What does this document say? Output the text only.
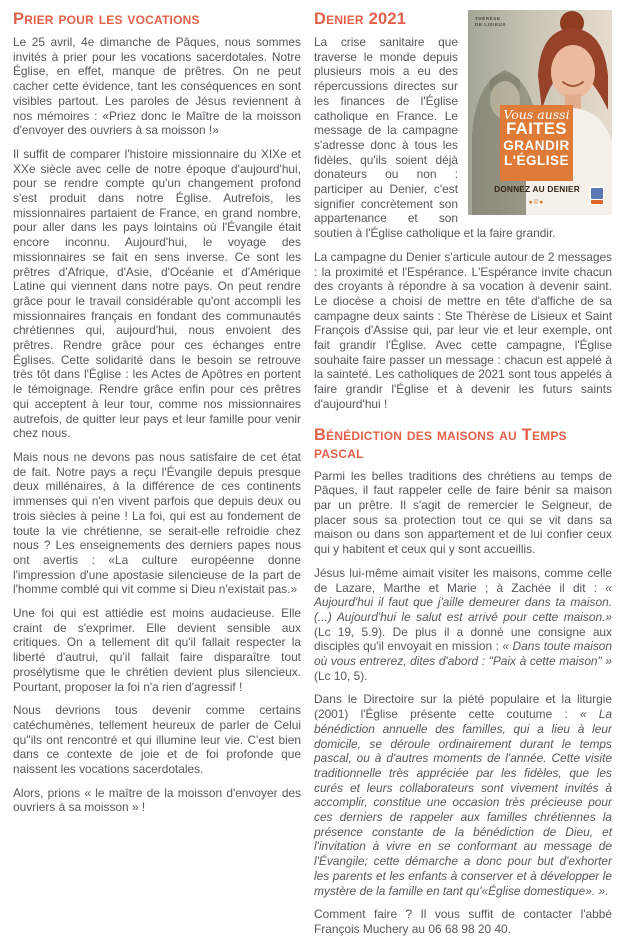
Prier pour les vocations

Le 25 avril, 4e dimanche de Pâques, nous sommes invités à prier pour les vocations sacerdotales. Notre Église, en effet, manque de prêtres. On ne peut cacher cette évidence, tant les conséquences en sont visibles partout. Les paroles de Jésus reviennent à nos mémoires : «Priez donc le Maître de la moisson d'envoyer des ouvriers à sa moisson !»

Il suffit de comparer l'histoire missionnaire du XIXe et XXe siècle avec celle de notre époque d'aujourd'hui, pour se rendre compte qu'un changement profond s'est produit dans notre Église. Autrefois, les missionnaires partaient de France, en grand nombre, pour aller dans les pays lointains où l'Évangile était encore inconnu. Aujourd'hui, le voyage des missionnaires se fait en sens inverse. Ce sont les prêtres d'Afrique, d'Asie, d'Océanie et d'Amérique Latine qui viennent dans notre pays. On peut rendre grâce pour le travail considérable qu'ont accompli les missionnaires français en fondant des communautés chrétiennes qui, aujourd'hui, nous envoient des prêtres. Rendre grâce pour ces échanges entre Églises. Cette solidarité dans le besoin se retrouve très tôt dans l'Église : les Actes de Apôtres en portent le témoignage. Rendre grâce enfin pour ces prêtres qui acceptent à leur tour, comme nos missionnaires autrefois, de quitter leur pays et leur famille pour venir chez nous.

Mais nous ne devons pas nous satisfaire de cet état de fait. Notre pays a reçu l'Évangile depuis presque deux millénaires, à la différence de ces continents immenses qui n'en vivent parfois que depuis deux ou trois siècles à peine ! La foi, qui est au fondement de toute la vie chrétienne, se serait-elle refroidie chez nous ? Les enseignements des derniers papes nous ont avertis : «La culture européenne donne l'impression d'une apostasie silencieuse de la part de l'homme comblé qui vit comme si Dieu n'existait pas.»

Une foi qui est attiédie est moins audacieuse. Elle craint de s'exprimer. Elle devient sensible aux critiques. On a tellement dit qu'il fallait respecter la liberté d'autrui, qu'il fallait faire disparaître tout prosélytisme que le chrétien devient plus silencieux. Pourtant, proposer la foi n'a rien d'agressif !

Nous devrions tous devenir comme certains catéchumènes, tellement heureux de parler de Celui qu''ils ont rencontré et qui illumine leur vie. C'est bien dans ce contexte de joie et de foi profonde que naissent les vocations sacerdotales.

Alors, prions « le maître de la moisson d'envoyer des ouvriers à sa moisson » !

THÉRÈSE
DE LISIEUX
Vous aussi
FAITES
GRANDIR
L'ÉGLISE
DONNEZ AU DENIER
●©●
Denier 2021

La crise sanitaire que traverse le monde depuis plusieurs mois a eu des répercussions directes sur les finances de l'Église catholique en France. Le message de la campagne s'adresse donc à tous les fidèles, qu'ils soient déjà donateurs ou non : participer au Denier, c'est signifier concrètement son appartenance et son soutien à l'Église catholique et la faire grandir.

La campagne du Denier s'articule autour de 2 messages : la proximité et l'Espérance. L'Espérance invite chacun des croyants à répondre à sa vocation à devenir saint. Le diocèse a choisi de mettre en tête d'affiche de sa campagne deux saints : Ste Thérèse de Lisieux et Saint François d'Assise qui, par leur vie et leur exemple, ont fait grandir l'Église. Avec cette campagne, l'Église souhaite faire passer un message : chacun est appelé à la sainteté. Les catholiques de 2021 sont tous appelés à faire grandir l'Église et à devenir les futurs saints d'aujourd'hui !

Bénédiction des maisons au Temps pascal

Parmi les belles traditions des chrétiens au temps de Pâques, il faut rappeler celle de faire bénir sa maison par un prêtre. Il s'agit de remercier le Seigneur, de placer sous sa protection tout ce qui se vit dans sa maison ou dans son appartement et de lui confier ceux qui y habitent et ceux qui y sont accueillis.

Jésus lui-même aimait visiter les maisons, comme celle de Lazare, Marthe et Marie ; à Zachée il dit : « Aujourd'hui il faut que j'aille demeurer dans ta maison. (...) Aujourd'hui le salut est arrivé pour cette maison.» (Lc 19, 5.9). De plus il a donné une consigne aux disciples qu'il envoyait en mission : « Dans toute maison où vous entrerez, dites d'abord : "Paix à cette maison" » (Lc 10, 5).

Dans le Directoire sur la piété populaire et la liturgie (2001) l'Église présente cette coutume : « La bénédiction annuelle des familles, qui a lieu à leur domicile, se déroule ordinairement durant le temps pascal, ou à d'autres moments de l'année. Cette visite traditionnelle très appréciée par les fidèles, que les curés et leurs collaborateurs sont vivement invités à accomplir, constitue une occasion très précieuse pour ces derniers de rappeler aux familles chrétiennes la présence constante de la bénédiction de Dieu, et l'invitation à vivre en se conformant au message de l'Évangile; cette démarche a donc pour but d'exhorter les parents et les enfants à conserver et à développer le mystère de la famille en tant qu'«Église domestique». ».

Comment faire ? Il vous suffit de contacter l'abbé François Muchery au 06 68 98 20 40.
